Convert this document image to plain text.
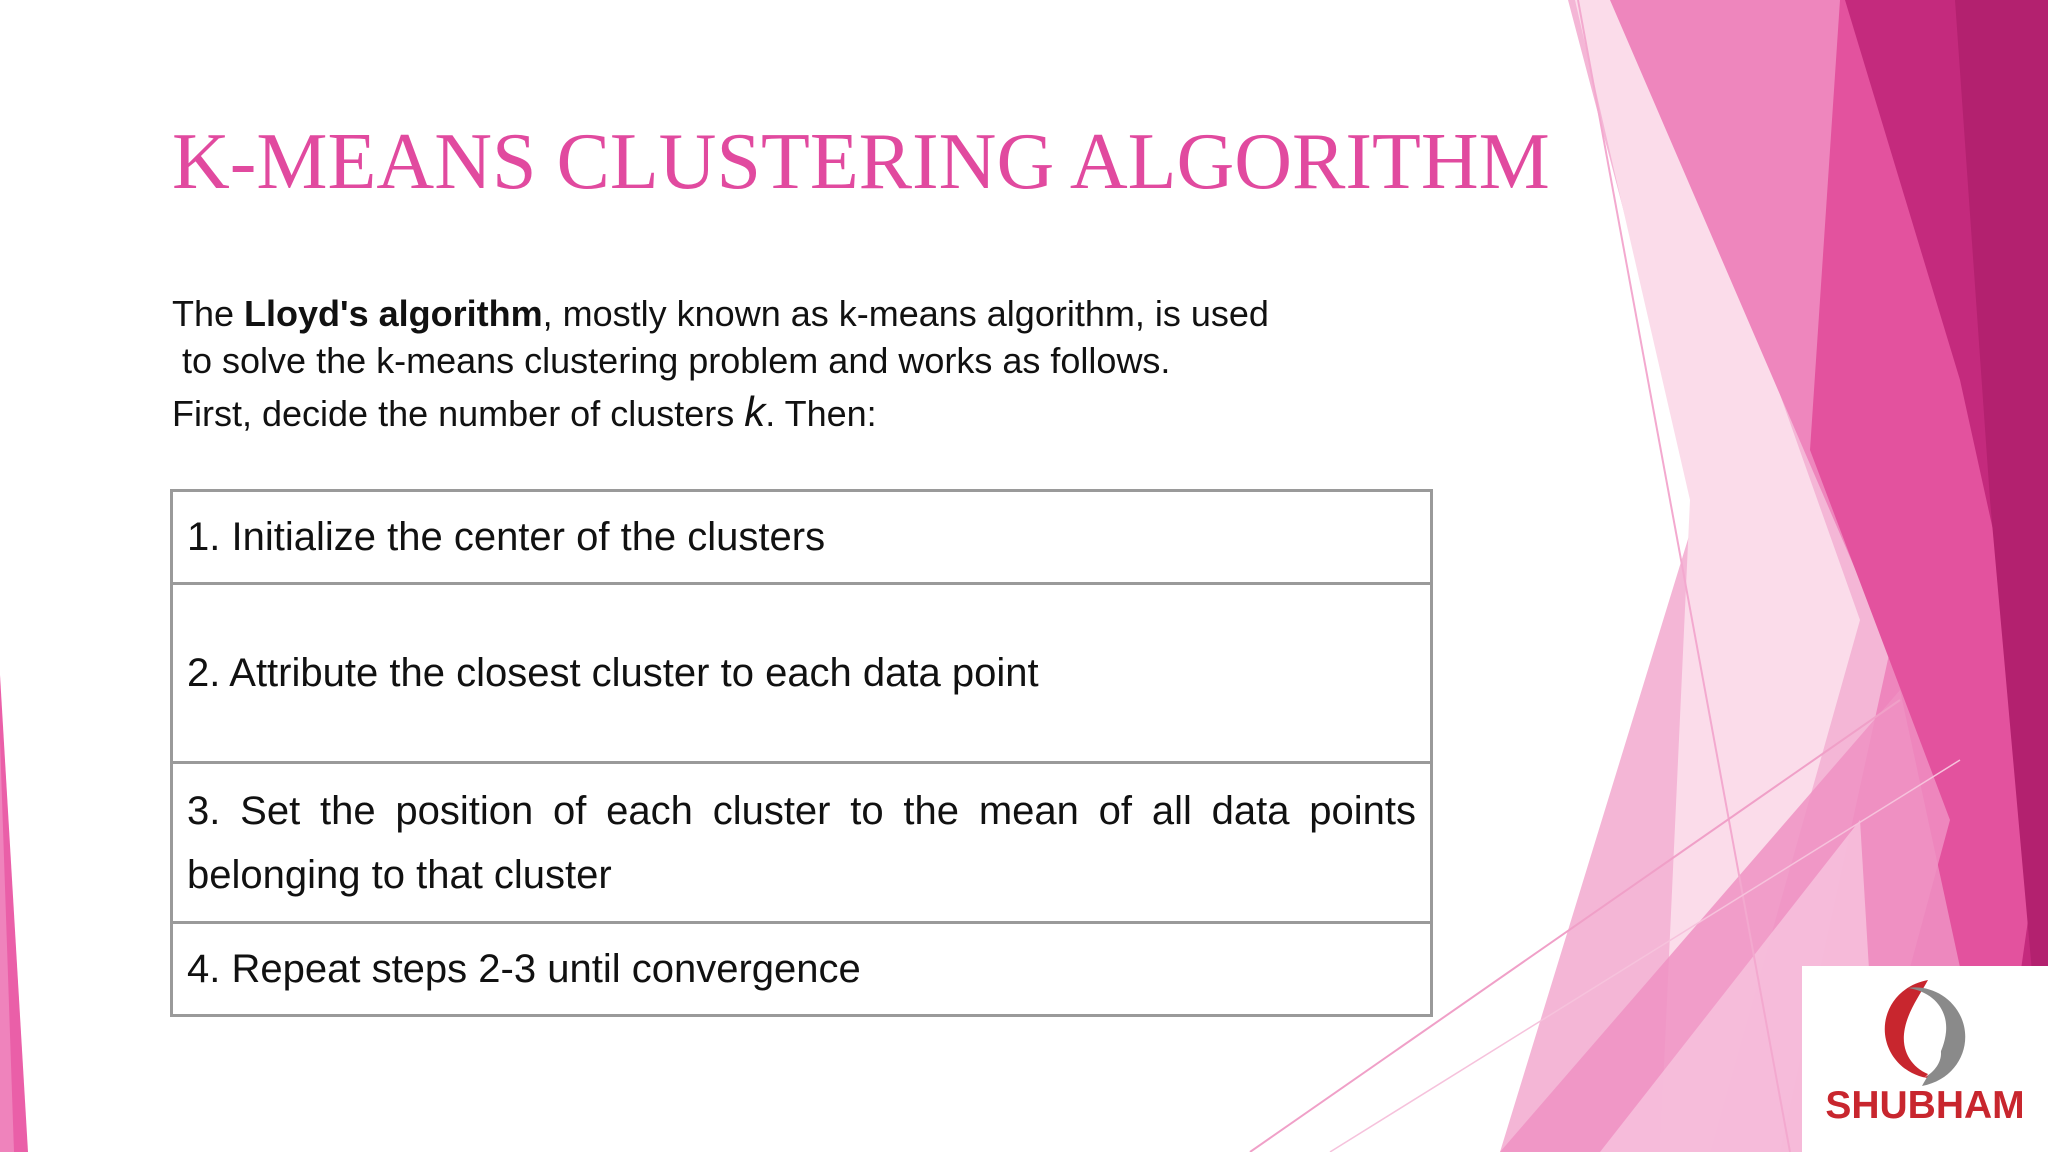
K-MEANS CLUSTERING ALGORITHM
The Lloyd's algorithm, mostly known as k-means algorithm, is used
to solve the k-means clustering problem and works as follows.
First, decide the number of clusters k. Then:
1. Initialize the center of the clusters
2. Attribute the closest cluster to each data point
3. Set the position of each cluster to the mean of all data points belonging to that cluster
4. Repeat steps 2-3 until convergence
SHUBHAM
